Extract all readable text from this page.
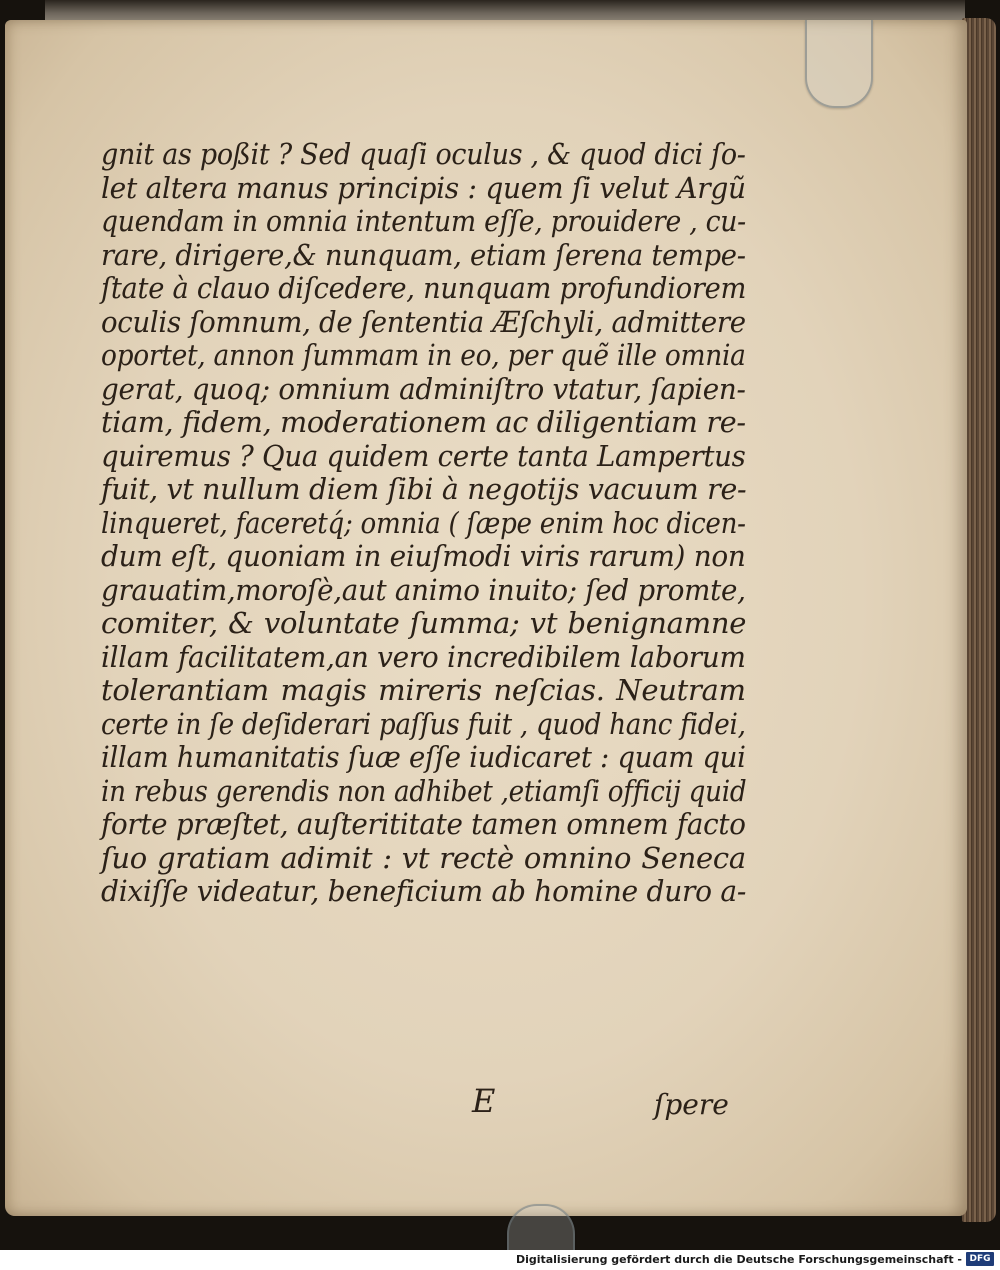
gnit as poßit ? Sed quaſi oculus , & quod dici ſo-
let altera manus principis : quem ſi velut Argũ
quendam in omnia intentum eſſe, prouidere , cu-
rare, dirigere,& nunquam, etiam ſerena tempe-
ſtate à clauo diſcedere, nunquam profundiorem
oculis ſomnum, de ſententia Æſchyli, admittere
oportet, annon ſummam in eo, per quẽ ille omnia
gerat, quoq; omnium adminiſtro vtatur, ſapien-
tiam, fidem, moderationem ac diligentiam re-
quiremus ? Qua quidem certe tanta Lampertus
fuit, vt nullum diem ſibi à negotijs vacuum re-
linqueret, faceretq́; omnia ( ſæpe enim hoc dicen-
dum eſt, quoniam in eiuſmodi viris rarum) non
grauatim,moroſè,aut animo inuito; ſed promte,
comiter, & voluntate ſumma; vt benignamne
illam facilitatem,an vero incredibilem laborum
tolerantiam magis mireris neſcias. Neutram
certe in ſe deſiderari paſſus fuit , quod hanc fidei,
illam humanitatis ſuæ eſſe iudicaret : quam qui
in rebus gerendis non adhibet ,etiamſi officij quid
forte præſtet, auſterititate tamen omnem facto
ſuo gratiam adimit : vt rectè omnino Seneca
dixiſſe videatur, beneficium ab homine duro a-
E	ſpere
Digitalisierung gefördert durch die Deutsche Forschungsgemeinschaft - DFG
